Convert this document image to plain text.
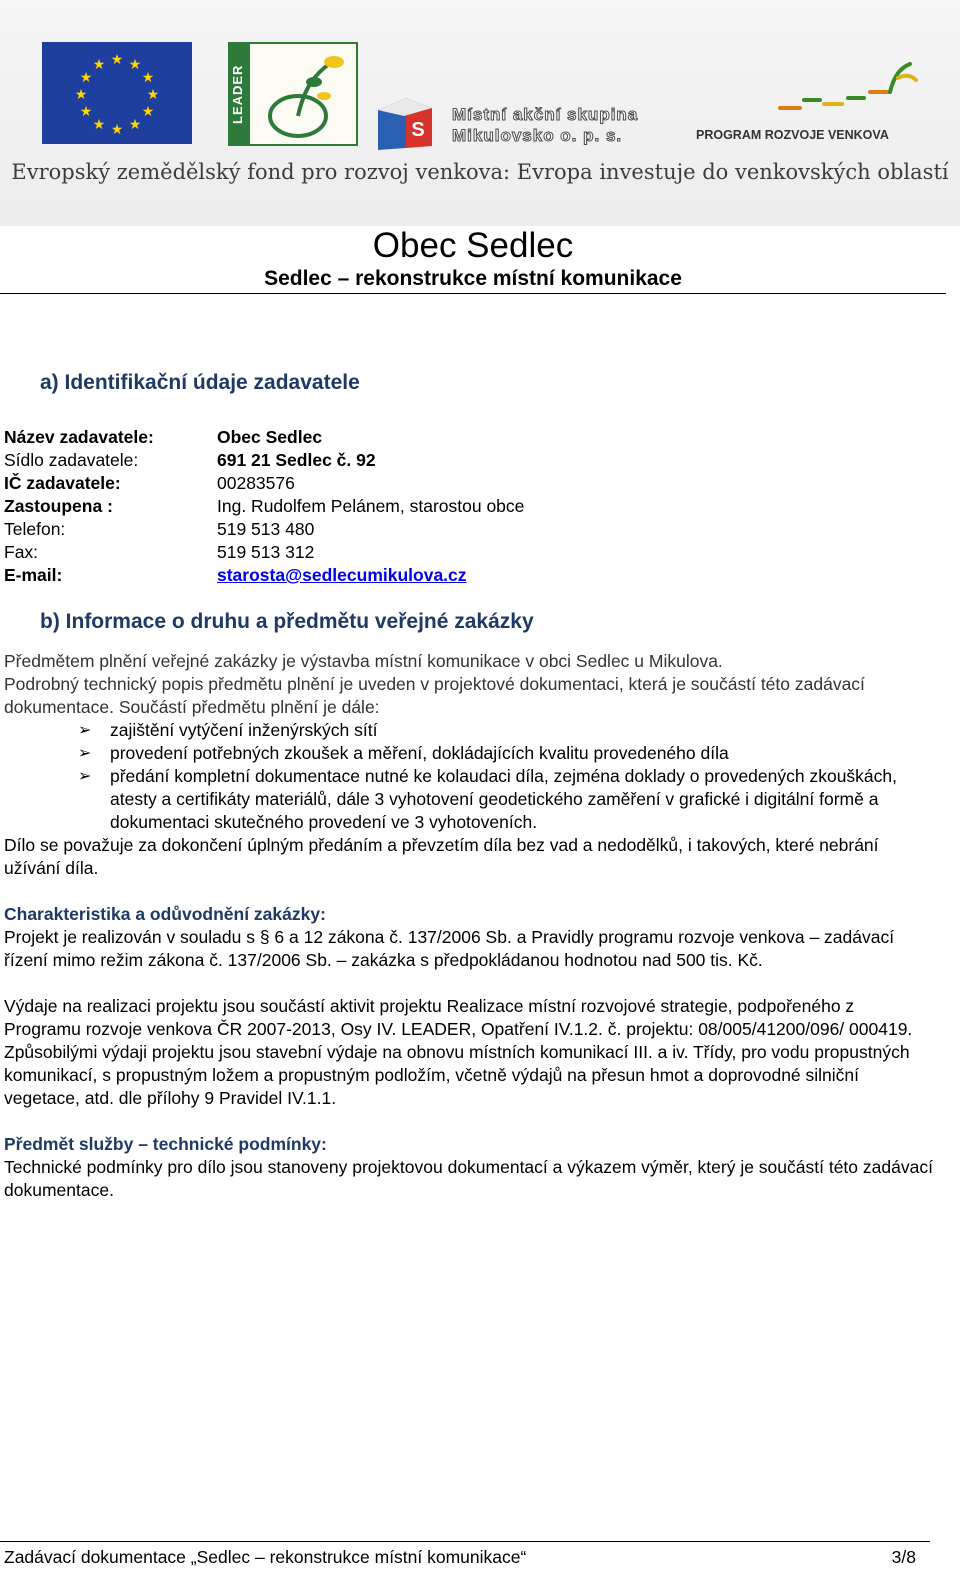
★ ★
★
★
★
★
★
★
★
★
★
★	LEADER
S
Místní akční skupina
Mikulovsko o. p. s.	PROGRAM ROZVOJE VENKOVA
Evropský zemědělský fond pro rozvoj venkova: Evropa investuje do venkovských oblastí
Obec Sedlec
Sedlec – rekonstrukce místní komunikace
a) Identifikační údaje zadavatele
Název zadavatele:	Obec Sedlec
Sídlo zadavatele:	691 21 Sedlec č. 92
IČ zadavatele:	00283576
Zastoupena :	Ing. Rudolfem Pelánem, starostou obce
Telefon:	519 513 480
Fax:	519 513 312
E-mail:	starosta@sedlecumikulova.cz
b) Informace o druhu a předmětu veřejné zakázky

Předmětem plnění veřejné zakázky je výstavba místní komunikace v obci Sedlec u Mikulova.

Podrobný technický popis předmětu plnění je uveden v projektové dokumentaci, která je součástí této zadávací dokumentace. Součástí předmětu plnění je dále:

➢ zajištění vytýčení inženýrských sítí
➢ provedení potřebných zkoušek a měření, dokládajících kvalitu provedeného díla
➢ předání kompletní dokumentace nutné ke kolaudaci díla, zejména doklady o provedených zkouškách, atesty a certifikáty materiálů, dále 3 vyhotovení geodetického zaměření v grafické i digitální formě a dokumentaci skutečného provedení ve 3 vyhotoveních.

Dílo se považuje za dokončení úplným předáním a převzetím díla bez vad a nedodělků, i takových, které nebrání užívání díla.

Charakteristika a odůvodnění zakázky:

Projekt je realizován v souladu s § 6 a 12 zákona č. 137/2006 Sb. a Pravidly programu rozvoje venkova – zadávací řízení mimo režim zákona č. 137/2006 Sb. – zakázka s předpokládanou hodnotou nad 500 tis. Kč.

Výdaje na realizaci projektu jsou součástí aktivit projektu Realizace místní rozvojové strategie, podpořeného z Programu rozvoje venkova ČR 2007-2013, Osy IV. LEADER, Opatření IV.1.2. č. projektu: 08/005/41200/096/ 000419.

Způsobilými výdaji projektu jsou stavební výdaje na obnovu místních komunikací III. a iv. Třídy, pro vodu propustných komunikací, s propustným ložem a propustným podložím, včetně výdajů na přesun hmot a doprovodné silniční vegetace, atd. dle přílohy 9 Pravidel IV.1.1.

Předmět služby – technické podmínky:

Technické podmínky pro dílo jsou stanoveny projektovou dokumentací a výkazem výměr, který je součástí této zadávací dokumentace.

Zadávací dokumentace „Sedlec – rekonstrukce místní komunikace“	3/8
